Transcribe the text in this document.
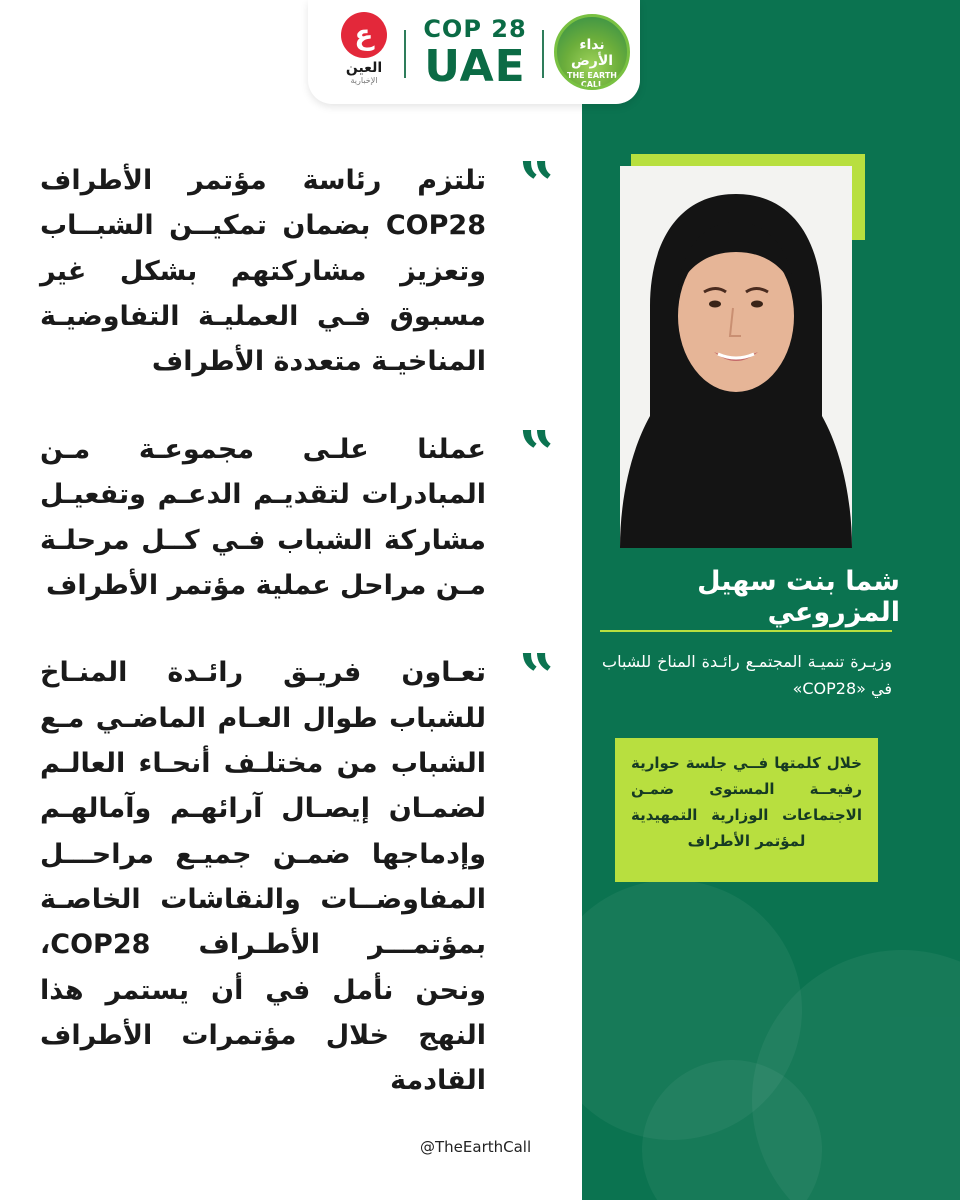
ع
العين
الإخبارية
COP 28
UAE	نداء الأرض
THE EARTH CALL
”

تلتزم رئاسة مؤتمر الأطراف COP28 بضمان تمكيــن الشبــاب وتعزيز مشاركتهم بشكل غير مسبوق فـي العمليـة التفاوضيـة المناخيـة متعددة الأطراف

”

عملنا علـى مجموعـة مـن المبادرات لتقديـم الدعـم وتفعيـل مشاركة الشباب فـي كــل مرحلـة مـن مراحل عملية مؤتمر الأطراف

”

تعـاون فريـق رائـدة المنـاخ للشباب طوال العـام الماضـي مـع الشباب من مختلـف أنحـاء العالـم لضمـان إيصـال آرائهـم وآمالهـم وإدماجها ضمـن جميـع مراحـــل المفاوضــات والنقاشات الخاصـة بمؤتمـــر الأطـراف COP28، ونحن نأمل في أن يستمر هذا النهج خلال مؤتمرات الأطراف القادمة

شما بنت سهيل المزروعي
وزيـرة تنميـة المجتمـع رائـدة المناخ للشباب في «COP28»

خلال كلمتها فــي جلسة حوارية رفيعــة المستوى ضمـن الاجتماعات الوزارية التمهيدية لمؤتمر الأطراف

@TheEarthCall
